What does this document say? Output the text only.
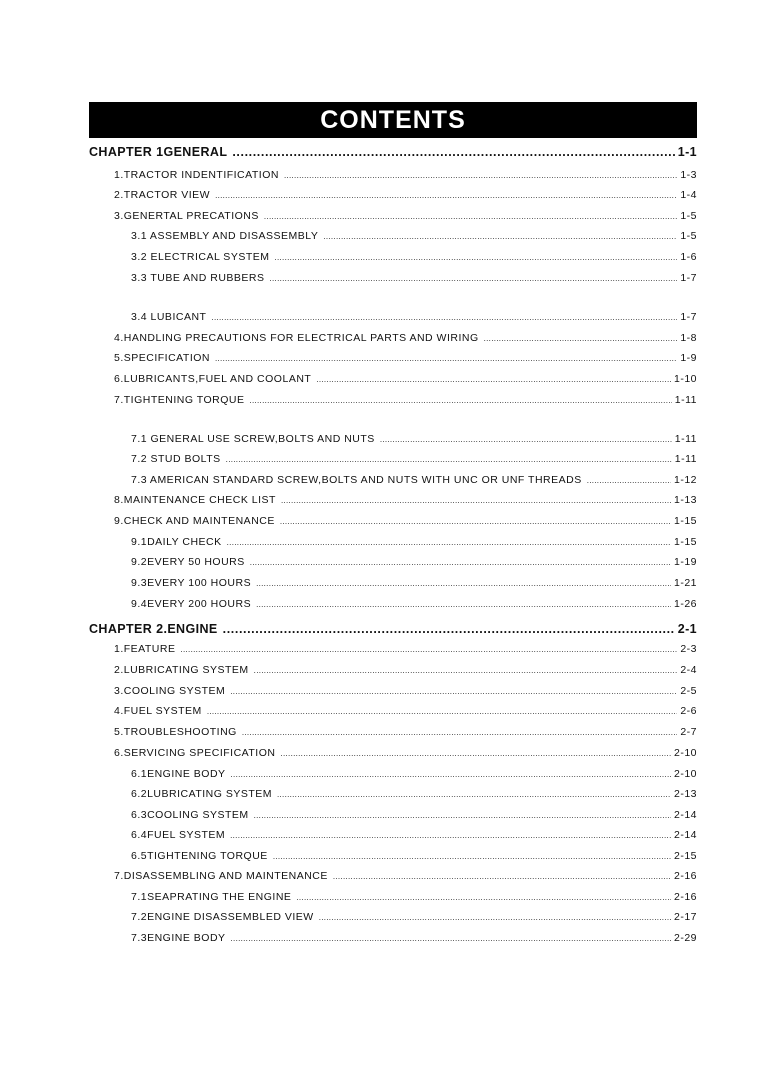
CONTENTS
CHAPTER 1GENERAL .....	1-1
1.TRACTOR INDENTIFICATION .....	1-3
2.TRACTOR VIEW .....	1-4
3.GENERTAL PRECATIONS .....	1-5
3.1 ASSEMBLY AND DISASSEMBLY .....	1-5
3.2 ELECTRICAL SYSTEM .....	1-6
3.3 TUBE AND RUBBERS .....	1-7
3.4 LUBICANT .....	1-7
4.HANDLING PRECAUTIONS FOR ELECTRICAL PARTS AND WIRING .....	1-8
5.SPECIFICATION .....	1-9
6.LUBRICANTS,FUEL AND COOLANT .....	1-10
7.TIGHTENING TORQUE .....	1-11
7.1 GENERAL USE SCREW,BOLTS AND NUTS .....	1-11
7.2 STUD BOLTS .....	1-11
7.3 AMERICAN STANDARD SCREW,BOLTS AND NUTS WITH UNC OR UNF THREADS .....	1-12
8.MAINTENANCE CHECK LIST .....	1-13
9.CHECK AND MAINTENANCE .....	1-15
9.1DAILY CHECK .....	1-15
9.2EVERY 50 HOURS .....	1-19
9.3EVERY 100 HOURS .....	1-21
9.4EVERY 200 HOURS .....	1-26
CHAPTER 2.ENGINE .....	2-1
1.FEATURE .....	2-3
2.LUBRICATING SYSTEM .....	2-4
3.COOLING SYSTEM .....	2-5
4.FUEL SYSTEM .....	2-6
5.TROUBLESHOOTING .....	2-7
6.SERVICING SPECIFICATION .....	2-10
6.1ENGINE BODY .....	2-10
6.2LUBRICATING SYSTEM .....	2-13
6.3COOLING SYSTEM .....	2-14
6.4FUEL SYSTEM .....	2-14
6.5TIGHTENING TORQUE .....	2-15
7.DISASSEMBLING AND MAINTENANCE .....	2-16
7.1SEAPRATING THE ENGINE .....	2-16
7.2ENGINE DISASSEMBLED VIEW .....	2-17
7.3ENGINE BODY .....	2-29
